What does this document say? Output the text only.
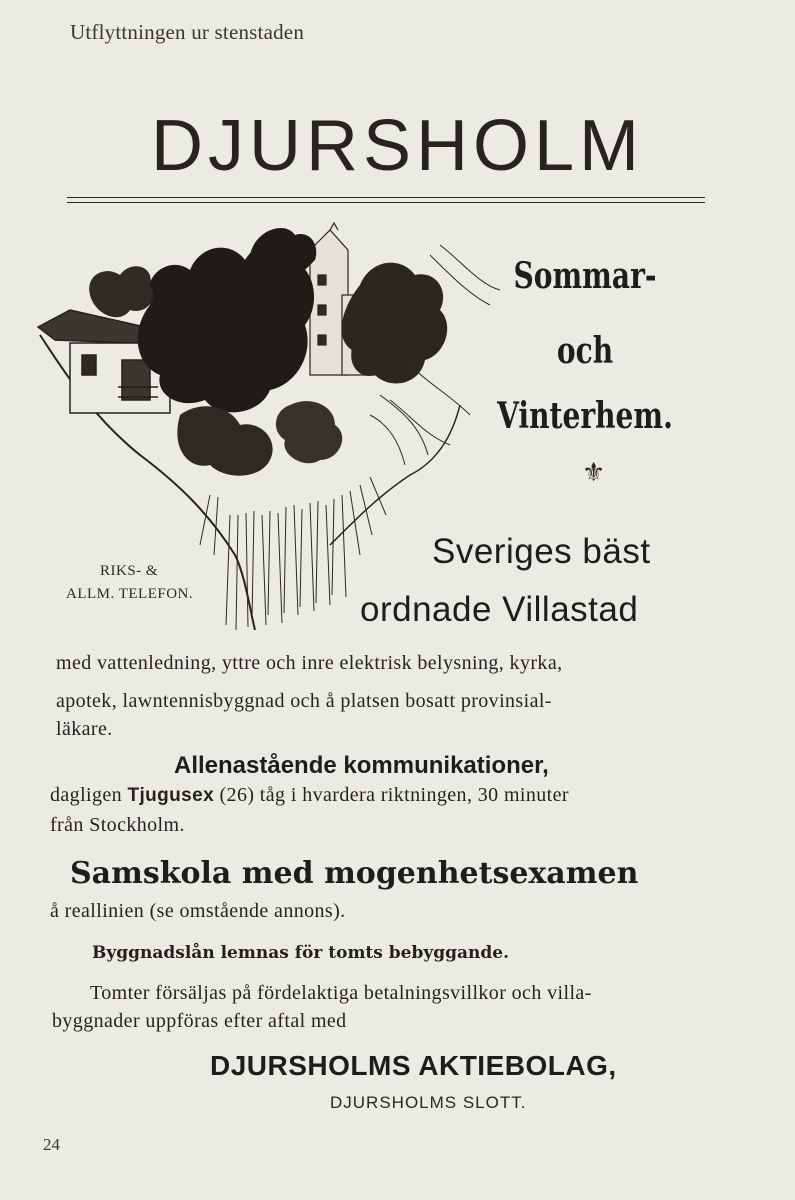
Utflyttningen ur stenstaden
DJURSHOLM
Sommar-
och
Vinterhem.
⚜
RIKS- &
ALLM. TELEFON.
Sveriges bäst
ordnade Villastad
med vattenledning, yttre och inre elektrisk belysning, kyrka,
apotek, lawntennisbyggnad och å platsen bosatt provinsial-
läkare.
Allenastående kommunikationer,
dagligen Tjugusex (26) tåg i hvardera riktningen, 30 minuter
från Stockholm.
Samskola med mogenhetsexamen
å reallinien (se omstående annons).
Byggnadslån lemnas för tomts bebyggande.
Tomter försäljas på fördelaktiga betalningsvillkor och villa-
byggnader uppföras efter aftal med
DJURSHOLMS AKTIEBOLAG,
DJURSHOLMS SLOTT.
24
